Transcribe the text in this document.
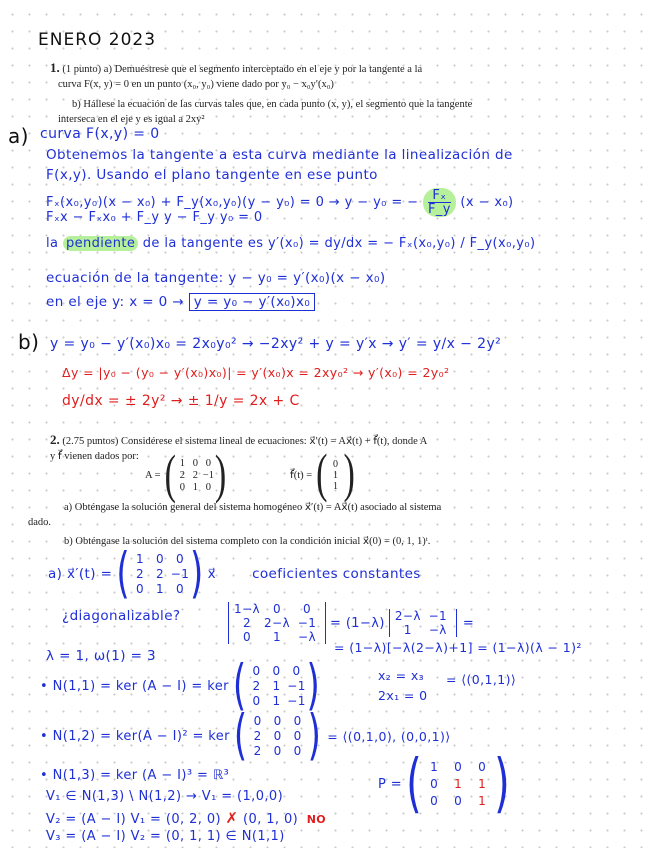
ENERO 2023
1. (1 punto) a) Demuéstrese que el segmento interceptado en el eje y por la tangente a la
curva F(x, y) = 0 en un punto (x₀, y₀) viene dado por y₀ − x₀y′(x₀)
b) Hállese la ecuación de las curvas tales que, en cada punto (x, y), el segmento que la tangente
interseca en el eje y es igual a 2xy²
a) curva F(x,y) = 0
Obtenemos la tangente a esta curva mediante la linealización de
F(x,y). Usando el plano tangente en ese punto
Fₓ(x₀,y₀)(x − x₀) + F_y(x₀,y₀)(y − y₀) = 0 → y − y₀ = − $\frac{\text{Fₓ}}{F\_y} (x - x_0)$
Fₓx − Fₓx₀ + F_y y − F_y y₀ = 0
la pendiente de la tangente es y′(x₀) = dy/dx = − Fₓ(x₀,y₀) / F_y(x₀,y₀)
ecuación de la tangente: y − y₀ = y′(x₀)(x − x₀)
en el eje y: x = 0 → y = y₀ − y′(x₀)x₀
b) y = y₀ − y′(x₀)x₀ = 2x₀y₀² → −2xy² + y = y′x → y′ = y/x − 2y²
Δy = |y₀ − (y₀ − y′(x₀)x₀)| = y′(x₀)x = 2xy₀² → y′(x₀) = 2y₀²
dy/dx = ± 2y² → ± 1/y = 2x + C
2. (2.75 puntos) Considérese el sistema lineal de ecuaciones: x⃗′(t) = Ax⃗(t) + f⃗(t), donde A
y f⃗ vienen dados por:
A = ( 1 0 0
2 2 −1
0 1 0 )	f⃗(t) = ( 0
1
1 )
a) Obténgase la solución general del sistema homogéneo x⃗′(t) = Ax⃗(t) asociado al sistema
dado.
b) Obténgase la solución del sistema completo con la condición inicial x⃗(0) = (0, 1, 1)ᵗ.
a) x⃗′(t) = ( 1 0 0
2 2 −1
0 1 0 ) x⃗	coeficientes constantes
¿diagonalizable?	1−λ	0	0
2	2−λ −1
0	1	−λ
= (1−λ) 2−λ −1
1	−λ	=
λ = 1, ω(1) = 3
= (1−λ)[−λ(2−λ)+1] = (1−λ)(λ − 1)²
• N(1,1) = ker (A − I) = ker ( 0 0 0
2 1 −1
0 1 −1 )	x₂ = x₃ = ⟨(0,1,1)⟩
2x₁ = 0
• N(1,2) = ker(A − I)² = ker ( 0 0 0
2 0 0
2 0 0 ) = ⟨(0,1,0), (0,0,1)⟩
• N(1,3) = ker (A − I)³ = ℝ³
V₁ ∈ N(1,3) \ N(1,2) → V₁ = (1,0,0)
V₂ = (A − I) V₁ = (0, 2, 0) ✗ (0, 1, 0) NO
V₃ = (A − I) V₂ = (0, 1, 1) ∈ N(1,1)
P = ( 1	0	0
0	1	1
0	0	1 )
